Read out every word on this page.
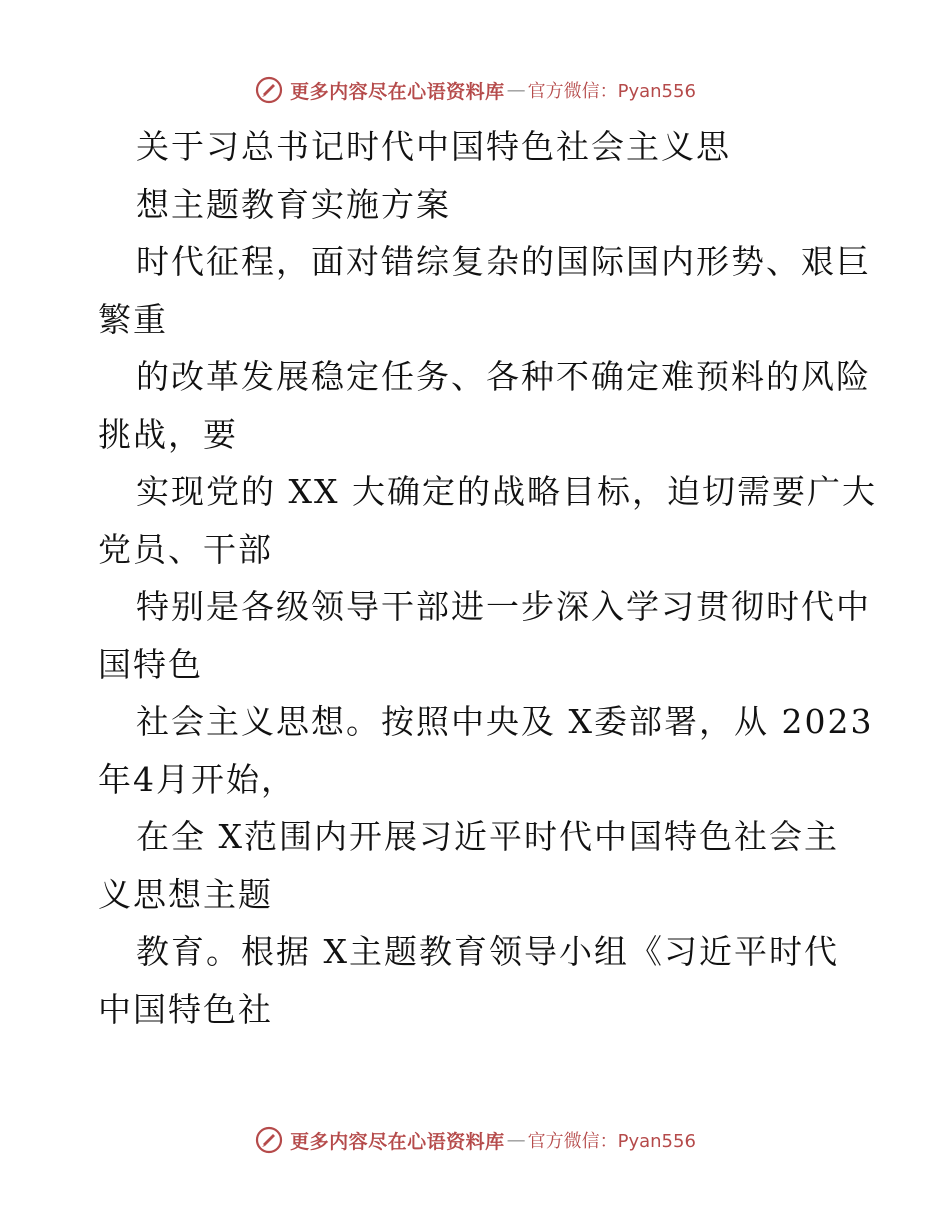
更多内容尽在心语资料库 — 官方微信：Pyan556
关于习总书记时代中国特色社会主义思
想主题教育实施方案
时代征程，面对错综复杂的国际国内形势、艰巨
繁重
的改革发展稳定任务、各种不确定难预料的风险
挑战，要
实现党的 XX 大确定的战略目标，迫切需要广大
党员、干部
特别是各级领导干部进一步深入学习贯彻时代中
国特色
社会主义思想。按照中央及 X委部署，从 2023
年4月开始，
在全 X范围内开展习近平时代中国特色社会主
义思想主题
教育。根据 X主题教育领导小组《习近平时代
中国特色社
更多内容尽在心语资料库 — 官方微信：Pyan556
